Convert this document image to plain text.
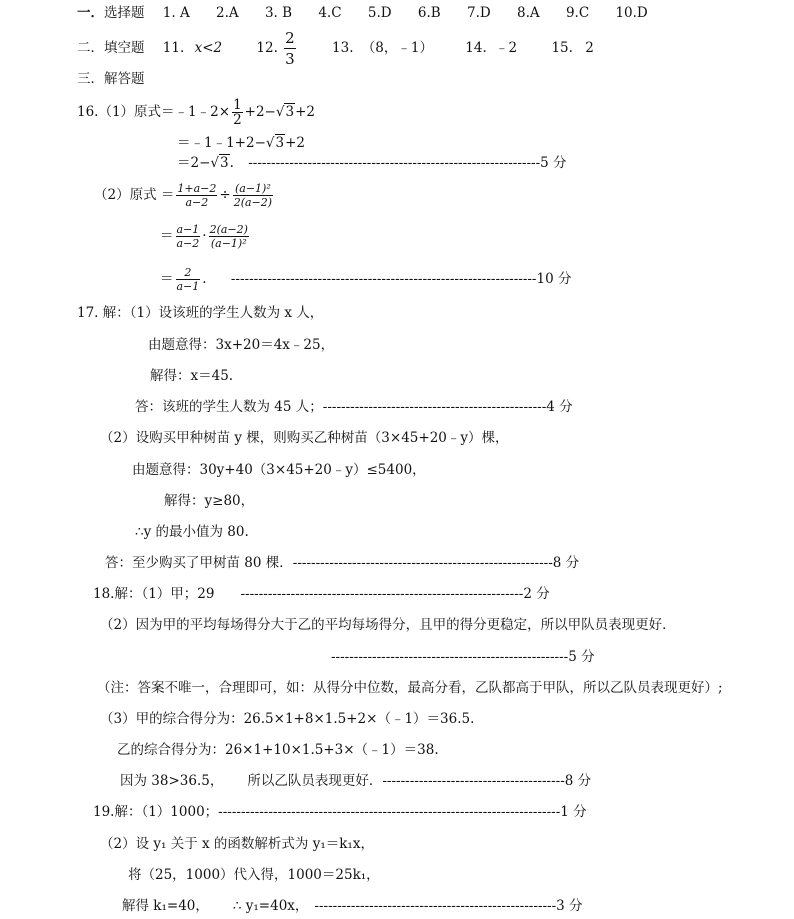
一．选择题 1. A 2.A 3. B 4.C 5.D 6.B 7.D 8.A 9.C 10.D
二．填空题 11. x<2	12. $\frac{2}{3}$	13. （8，﹣1） 14. ﹣2	15. 2
三．解答题
16.（1）原式＝﹣1﹣2× $\frac{1}{2} +2-√3+2$
＝﹣1﹣1+2−√3+2
＝2−√3. ----------------------------------------------------------------5 分
（2）原式 ＝ $\frac{1+a-2}{a-2} \div \frac{\text{(a−1)²}}{2(a-2)}$
＝ $\frac{a-1}{a-2} \cdot \frac{2(a-2)}{\text{(a−1)²}}$
＝ $\frac{2}{a-1}$ . -------------------------------------------------------------------10 分
17. 解：（1）设该班的学生人数为 x 人，
由题意得：3x+20＝4x﹣25，
解得：x＝45.
答：该班的学生人数为 45 人；-------------------------------------------------4 分
（2）设购买甲种树苗 y 棵，则购买乙种树苗（3×45+20﹣y）棵，
由题意得：30y+40（3×45+20﹣y）≤5400，
解得：y≥80，
∴y 的最小值为 80.
答：至少购买了甲树苗 80 棵．---------------------------------------------------------8 分
18.解：（1）甲；29 --------------------------------------------------------------2 分
（2）因为甲的平均每场得分大于乙的平均每场得分，且甲的得分更稳定，所以甲队员表现更好．
----------------------------------------------------5 分
（注：答案不唯一，合理即可，如：从得分中位数，最高分看，乙队都高于甲队，所以乙队员表现更好）;
（3）甲的综合得分为：26.5×1+8×1.5+2×（﹣1）＝36.5.
乙的综合得分为：26×1+10×1.5+3×（﹣1）＝38.
因为 38>36.5， 所以乙队员表现更好．----------------------------------------8 分
19.解：（1）1000；---------------------------------------------------------------------------1 分
（2）设 y₁ 关于 x 的函数解析式为 y₁＝k₁x，
将（25，1000）代入得，1000＝25k₁，
解得 k₁=40， ∴ y₁=40x， -----------------------------------------------------3 分
